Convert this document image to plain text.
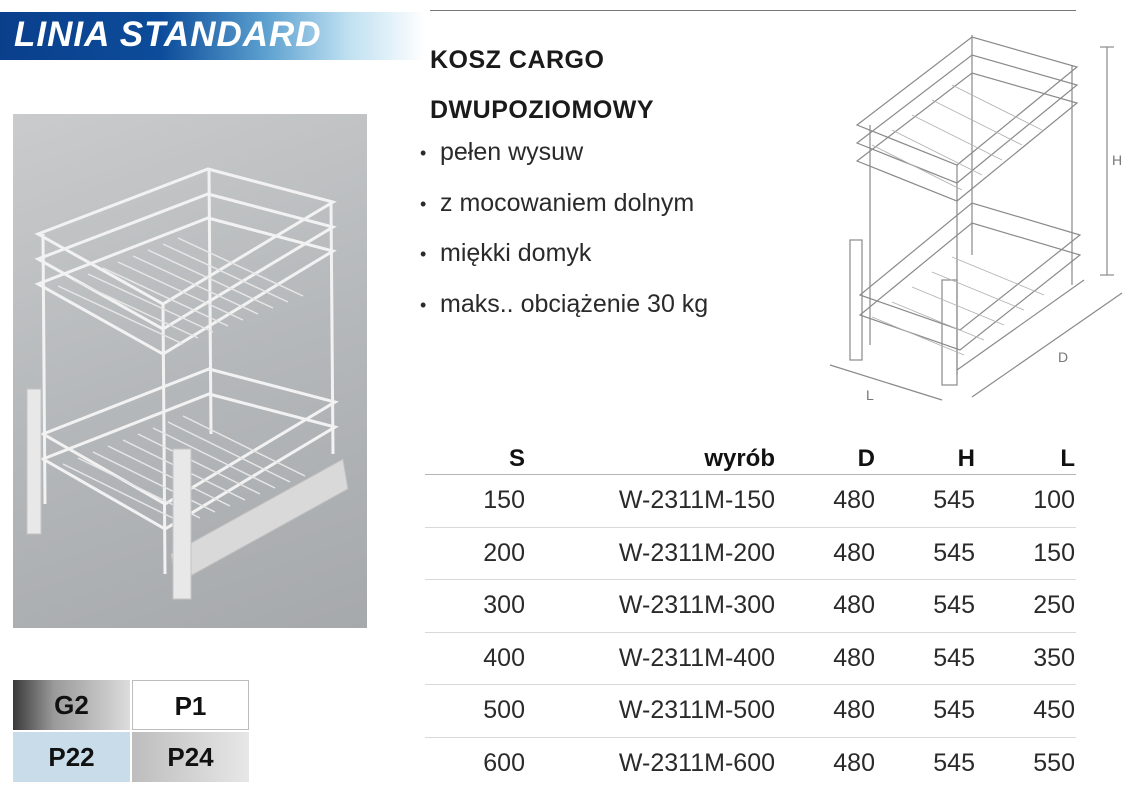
LINIA STANDARD
KOSZ CARGO
DWUPOZIOMOWY
• pełen wysuw
• z mocowaniem dolnym
• miękki domyk
• maks.. obciążenie 30 kg
H
D
L
S	wyrób	D	H	L
150	W-2311M-150	480	545	100
200	W-2311M-200	480	545	150
300	W-2311M-300	480	545	250
400	W-2311M-400	480	545	350
500	W-2311M-500	480	545	450
600	W-2311M-600	480	545	550
G2	P1
P22	P24
